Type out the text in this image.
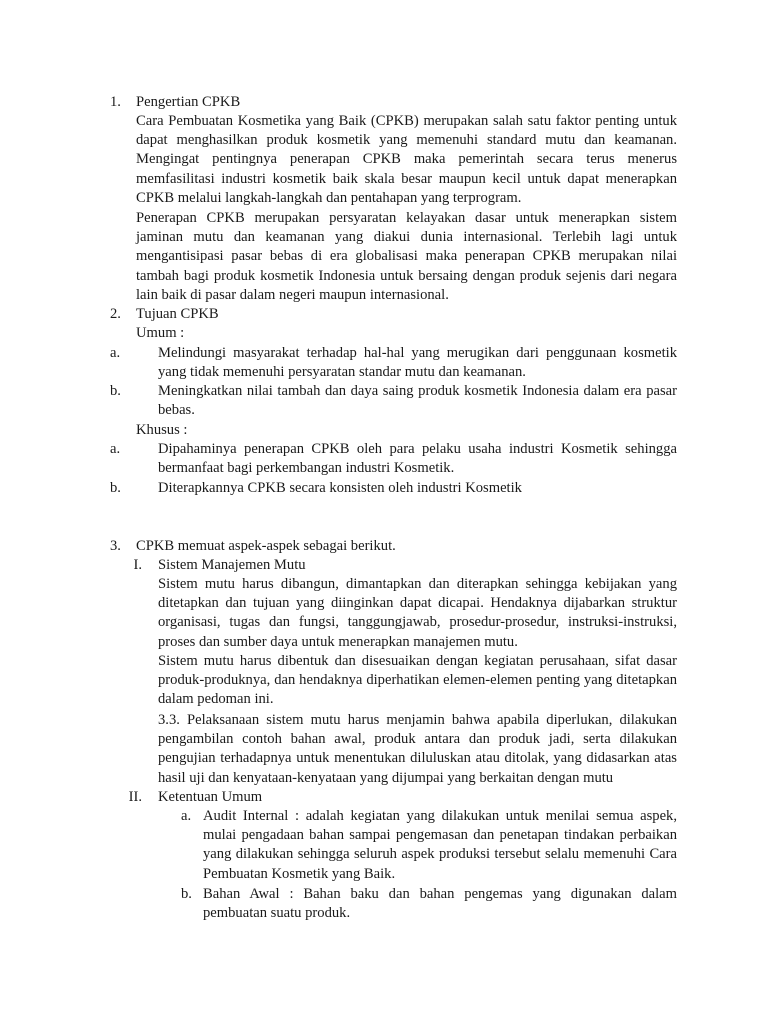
1.	Pengertian CPKB

Cara Pembuatan Kosmetika yang Baik (CPKB) merupakan salah satu faktor penting untuk dapat menghasilkan produk kosmetik yang memenuhi standard mutu dan keamanan. Mengingat pentingnya penerapan CPKB maka pemerintah secara terus menerus memfasilitasi industri kosmetik baik skala besar maupun kecil untuk dapat menerapkan CPKB melalui langkah-langkah dan pentahapan yang terprogram.

Penerapan CPKB merupakan persyaratan kelayakan dasar untuk menerapkan sistem jaminan mutu dan keamanan yang diakui dunia internasional. Terlebih lagi untuk mengantisipasi pasar bebas di era globalisasi maka penerapan CPKB merupakan nilai tambah bagi produk kosmetik Indonesia untuk bersaing dengan produk sejenis dari negara lain baik di pasar dalam negeri maupun internasional.

2.	Tujuan CPKB
Umum :
a.	Melindungi masyarakat terhadap hal-hal yang merugikan dari penggunaan kosmetik yang tidak memenuhi persyaratan standar mutu dan keamanan.

b.	Meningkatkan nilai tambah dan daya saing produk kosmetik Indonesia dalam era pasar bebas.

Khusus :
a.	Dipahaminya penerapan CPKB oleh para pelaku usaha industri Kosmetik sehingga bermanfaat bagi perkembangan industri Kosmetik.

b.	Diterapkannya CPKB secara konsisten oleh industri Kosmetik

3.	CPKB memuat aspek-aspek sebagai berikut.
I. Sistem Manajemen Mutu

Sistem mutu harus dibangun, dimantapkan dan diterapkan sehingga kebijakan yang ditetapkan dan tujuan yang diinginkan dapat dicapai. Hendaknya dijabarkan struktur organisasi, tugas dan fungsi, tanggungjawab, prosedur-prosedur, instruksi-instruksi, proses dan sumber daya untuk menerapkan manajemen mutu.

Sistem mutu harus dibentuk dan disesuaikan dengan kegiatan perusahaan, sifat dasar produk-produknya, dan hendaknya diperhatikan elemen-elemen penting yang ditetapkan dalam pedoman ini.

3.3. Pelaksanaan sistem mutu harus menjamin bahwa apabila diperlukan, dilakukan pengambilan contoh bahan awal, produk antara dan produk jadi, serta dilakukan pengujian terhadapnya untuk menentukan diluluskan atau ditolak, yang didasarkan atas hasil uji dan kenyataan-kenyataan yang dijumpai yang berkaitan dengan mutu

II. Ketentuan Umum
a. Audit Internal : adalah kegiatan yang dilakukan untuk menilai semua aspek, mulai pengadaan bahan sampai pengemasan dan penetapan tindakan perbaikan yang dilakukan sehingga seluruh aspek produksi tersebut selalu memenuhi Cara Pembuatan Kosmetik yang Baik.

b. Bahan Awal : Bahan baku dan bahan pengemas yang digunakan dalam pembuatan suatu produk.
